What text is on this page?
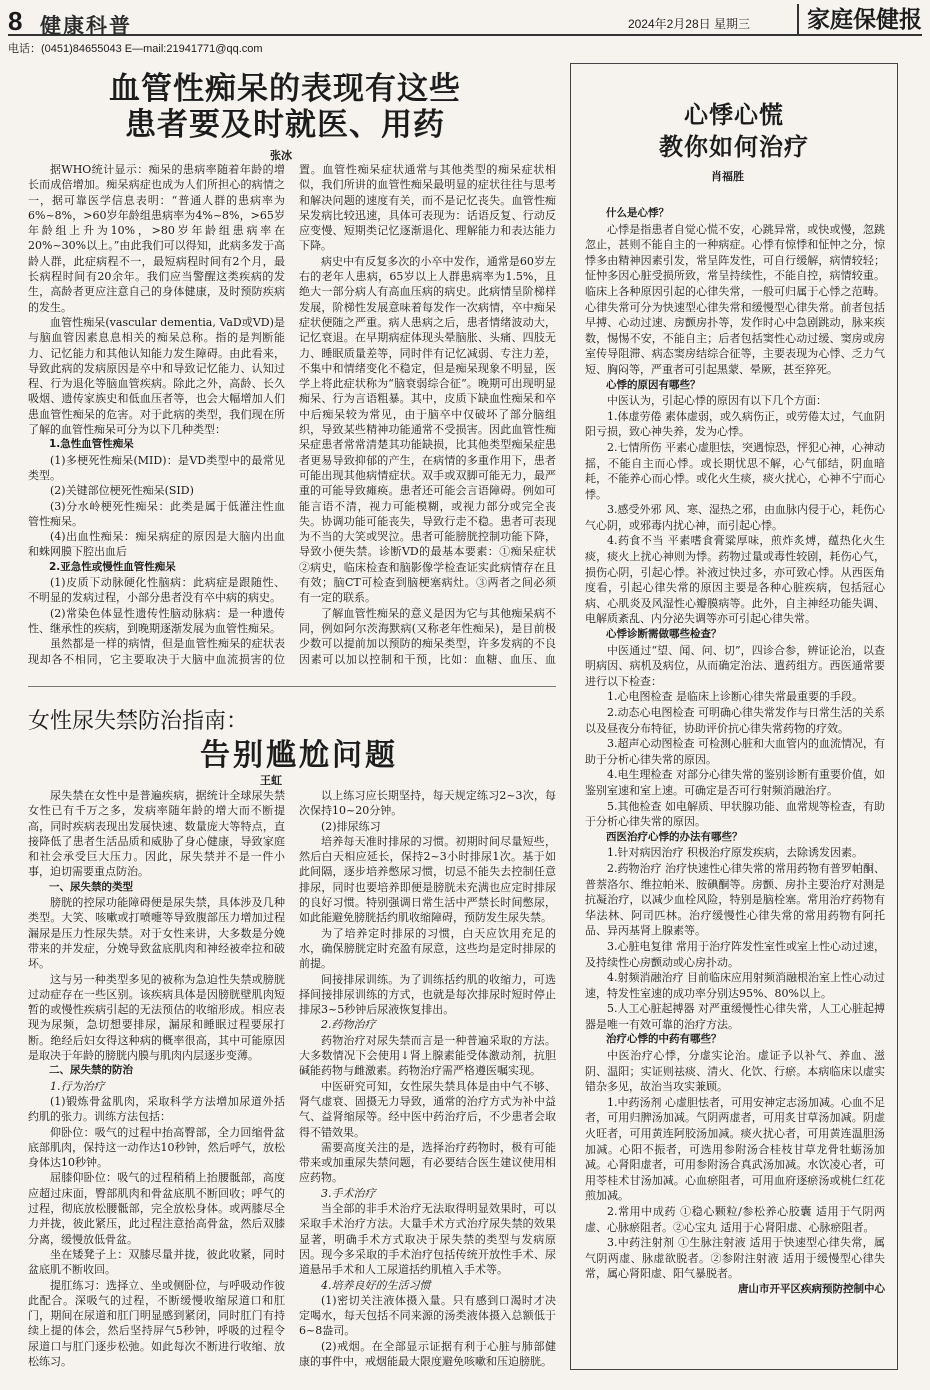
8 健康科普	2024年2月28日 星期三	家庭保健报
电话：(0451)84655043 E—mail:21941771@qq.com
血管性痴呆的表现有这些
患者要及时就医、用药
张冰

据WHO统计显示：痴呆的患病率随着年龄的增长而成倍增加。痴呆病症也成为人们所担心的病情之一，据可靠医学信息表明：“普通人群的患病率为6%~8%，>60岁年龄组患病率为4%~8%，>65岁年龄组上升为10%，>80岁年龄组患病率在20%~30%以上。”由此我们可以得知，此病多发于高龄人群，此症病程不一，最短病程时间有2个月，最长病程时间有20余年。我们应当警醒这类疾病的发生，高龄者更应注意自己的身体健康，及时预防疾病的发生。

血管性痴呆(vascular dementia, VaD或VD)是与脑血管因素息息相关的痴呆总称。指的是判断能力、记忆能力和其他认知能力发生障碍。由此看来，导致此病的发病原因是卒中和导致记忆能力、认知过程、行为退化等脑血管疾病。除此之外，高龄、长久吸烟、遗传家族史和低血压者等，也会大幅增加人们患血管性痴呆的危害。对于此病的类型，我们现在所了解的血管性痴呆可分为以下几种类型：

1.急性血管性痴呆

(1)多梗死性痴呆(MID)：是VD类型中的最常见类型。

(2)关键部位梗死性痴呆(SID)

(3)分水岭梗死性痴呆：此类是属于低灌注性血管性痴呆。

(4)出血性痴呆：痴呆病症的原因是大脑内出血和蛛网膜下腔出血后

2.亚急性或慢性血管性痴呆

(1)皮质下动脉硬化性脑病：此病症是跟随性、不明显的发病过程，小部分患者没有卒中病的病史。

(2)常染色体显性遗传性脑动脉病：是一种遗传性、继承性的疾病，到晚期逐渐发展为血管性痴呆。

虽然都是一样的病情，但是血管性痴呆的症状表现却各不相同，它主要取决于大脑中血流损害的位置。血管性痴呆症状通常与其他类型的痴呆症状相似，我们所讲的血管性痴呆最明显的症状往往与思考和解决问题的速度有关，而不是记忆丧失。血管性痴呆发病比较迅速，具体可表现为：话语反复、行动反应变慢、短期类记忆逐渐退化、理解能力和表达能力下降。

病史中有反复多次的小卒中发作，通常是60岁左右的老年人患病，65岁以上人群患病率为1.5%，且绝大一部分病人有高血压病的病史。此病情呈阶梯样发展，阶梯性发展意味着每发作一次病情，卒中痴呆症状便随之严重。病人患病之后，患者情绪波动大，记忆衰退。在早期病症体现头晕脑胀、头痛、四肢无力、睡眠质量差等，同时伴有记忆减弱、专注力差，不集中和情绪变化不稳定，但是痴呆现象不明显，医学上将此症状称为“脑衰弱综合征”。晚期可出现明显痴呆、行为言语粗暴。其中，皮质下缺血性痴呆和卒中后痴呆较为常见，由于脑卒中仅破坏了部分脑组织，导致某些精神功能通常不受损害。因此血管性痴呆症患者常常清楚其功能缺损，比其他类型痴呆症患者更易导致抑郁的产生，在病情的多重作用下，患者可能出现其他病情症状。双手或双脚可能无力，最严重的可能导致瘫痪。患者还可能会言语障碍。例如可能言语不清，视力可能模糊，或视力部分或完全丧失。协调功能可能丧失，导致行走不稳。患者可表现为不当的大笑或哭泣。患者可能膀胱控制功能下降，导致小便失禁。诊断VD的最基本要素：①痴呆症状②病史，临床检查和脑影像学检查证实此病情存在且有效；脑CT可检查到脑梗塞病灶。③两者之间必须有一定的联系。

了解血管性痴呆的意义是因为它与其他痴呆病不同，例如阿尔茨海默病(又称老年性痴呆)，是目前极少数可以提前加以预防的痴呆类型，许多发病的不良因素可以加以控制和干预，比如：血糖、血压、血

女性尿失禁防治指南：
告别尴尬问题
王虹

尿失禁在女性中是普遍疾病，据统计全球尿失禁女性已有千万之多，发病率随年龄的增大而不断提高，同时疾病表现出发展快速、数量庞大等特点，直接降低了患者生活品质和威胁了身心健康，导致家庭和社会承受巨大压力。因此，尿失禁并不是一件小事，迫切需要重点防治。

一、尿失禁的类型

膀胱的控尿功能障碍便是尿失禁，具体涉及几种类型。大笑、咳嗽或打喷嚏等导致腹部压力增加过程漏尿是压力性尿失禁。对于女性来讲，大多数是分娩带来的并发症，分娩导致盆底肌肉和神经被牵拉和破坏。

这与另一种类型多见的被称为急迫性失禁或膀胱过动症存在一些区别。该疾病具体是因膀胱壁肌肉短暂的或慢性疾病引起的无法预估的收缩形成。相应表现为尿频，急切想要排尿，漏尿和睡眠过程要尿打断。绝经后妇女得这种病的概率很高，其中可能原因是取决于年龄的膀胱内膜与肌肉内层逐步变薄。

二、尿失禁的防治

1.行为治疗

(1)锻炼骨盆肌肉，采取科学方法增加尿道外括约肌的张力。训练方法包括：

仰卧位：吸气的过程中抬高臀部，全力回缩骨盆底部肌肉，保持这一动作达10秒钟，然后呼气，放松身体达10秒钟。

屈膝仰卧位：吸气的过程稍稍上抬腰骶部，高度应超过床面，臀部肌肉和骨盆底肌不断回收；呼气的过程，彻底放松腰骶部，完全放松身体。或两膝尽全力并拢，彼此紧压，此过程注意抬高骨盆，然后双膝分离，缓慢放低骨盆。

坐在矮凳子上：双膝尽量并拢，彼此收紧，同时盆底肌不断收回。

提肛练习：选择立、坐或侧卧位，与呼吸动作彼此配合。深吸气的过程，不断缓慢收缩尿道口和肛门，期间在尿道和肛门明显感到紧闭，同时肛门有持续上提的体会，然后坚持屏气5秒钟，呼吸的过程令尿道口与肛门逐步松弛。如此每次不断进行收缩、放松练习。

以上练习应长期坚持，每天规定练习2~3次，每次保持10~20分钟。

(2)排尿练习

培养每天准时排尿的习惯。初期时间尽量短些，然后白天相应延长，保持2~3小时排尿1次。基于如此间隔，逐步培养憋尿习惯，切忌不能失去控制任意排尿，同时也要培养即便是膀胱未充满也应定时排尿的良好习惯。特别强调日常生活中严禁长时间憋尿，如此能避免膀胱括约肌收缩障碍，预防发生尿失禁。

为了培养定时排尿的习惯，白天应饮用充足的水，确保膀胱定时充盈有尿意，这些均是定时排尿的前提。

间接排尿训练。为了训练括约肌的收缩力，可选择间接排尿训练的方式，也就是每次排尿时短时停止排尿3~5秒钟后尿液恢复排出。

2.药物治疗

药物治疗对尿失禁而言是一种普遍采取的方法。大多数情况下会使用↓肾上腺素能受体激动剂，抗胆碱能药物与雌激素。药物治疗需严格遵医嘱实现。

中医研究可知，女性尿失禁具体是由中气不够、肾气虚衰、固摄无力导致，通常的治疗方式为补中益气、益肾缩尿等。经中医中药治疗后，不少患者会取得不错效果。

需要高度关注的是，选择治疗药物时，极有可能带来或加重尿失禁问题，有必要结合医生建议使用相应药物。

3.手术治疗

当全部的非手术治疗无法取得明显效果时，可以采取手术治疗方法。大量手术方式治疗尿失禁的效果显著，明确手术方式取决于尿失禁的类型与发病原因。现今多采取的手术治疗包括传统开放性手术、尿道悬吊手术和人工尿道括约肌植入手术等。

4.培养良好的生活习惯

(1)密切关注液体摄入量。只有感到口渴时才决定喝水，每天包括不同来源的汤类液体摄入总额低于6~8盎司。

(2)戒烟。在全部显示证据有利于心脏与肺部健康的事件中，戒烟能最大限度避免咳嗽和压迫膀胱。

心悸心慌
教你如何治疗
肖福胜

什么是心悸？

心悸是指患者自觉心慌不安，心跳异常，或快或慢，忽跳忽止，甚则不能自主的一种病症。心悸有惊悸和怔忡之分，惊悸多由精神因素引发，常呈阵发性，可自行缓解，病情较轻；怔忡多因心脏受损所致，常呈持续性，不能自控，病情较重。临床上各种原因引起的心律失常，一般可归属于心悸之范畴。心律失常可分为快速型心律失常和缓慢型心律失常。前者包括早搏、心动过速、房颤房扑等，发作时心中急剧跳动，脉来疾数，惕惕不安，不能自主；后者包括窦性心动过缓、窦房或房室传导阻滞、病态窦房结综合征等，主要表现为心悸、乏力气短、胸闷等，严重者可引起黑蒙、晕厥，甚至猝死。

心悸的原因有哪些？

中医认为，引起心悸的原因有以下几个方面：

1.体虚劳倦 素体虚弱，或久病伤正，或劳倦太过，气血阴阳亏损，致心神失养，发为心悸。

2.七情所伤 平素心虚胆怯，突遇惊恐，怦犯心神，心神动摇，不能自主而心悸。或长期忧思不解，心气郁结，阴血暗耗，不能养心而心悸。或化火生痰，痰火扰心，心神不宁而心悸。

3.感受外邪 风、寒、湿热之邪，由血脉内侵于心，耗伤心气心阴，或邪毒内扰心神，而引起心悸。

4.药食不当 平素嗜食膏粱厚味，煎炸炙煿，蕴热化火生痰，痰火上扰心神则为悸。药物过量或毒性较剧，耗伤心气，损伤心阴，引起心悸。补液过快过多，亦可致心悸。从西医角度看，引起心律失常的原因主要是各种心脏疾病，包括冠心病、心肌炎及风湿性心瓣膜病等。此外，自主神经功能失调、电解质紊乱、内分泌失调等亦可引起心律失常。

心悸诊断需做哪些检查？

中医通过“望、闻、问、切”，四诊合参，辨证论治，以查明病因、病机及病位，从而确定治法、遣药组方。西医通常要进行以下检查：

1.心电图检查 是临床上诊断心律失常最重要的手段。

2.动态心电图检查 可明确心律失常发作与日常生活的关系以及昼夜分布特征，协助评价抗心律失常药物的疗效。

3.超声心动图检查 可检测心脏和大血管内的血流情况，有助于分析心律失常的原因。

4.电生理检查 对部分心律失常的鉴别诊断有重要价值，如鉴别室速和室上速。可确定是否可行射频消融治疗。

5.其他检查 如电解质、甲状腺功能、血常规等检查，有助于分析心律失常的原因。

西医治疗心悸的办法有哪些？

1.针对病因治疗 积极治疗原发疾病，去除诱发因素。

2.药物治疗 治疗快速性心律失常的常用药物有普罗帕酮、普萘洛尔、维拉帕米、胺碘酮等。房颤、房扑主要治疗对测是抗凝治疗，以减少血栓风险，特别是脑栓塞。常用治疗药物有华法林、阿司匹林。治疗缓慢性心律失常的常用药物有阿托品、异丙基肾上腺素等。

3.心脏电复律 常用于治疗阵发性室性或室上性心动过速，及持续性心房颤动或心房扑动。

4.射频消融治疗 目前临床应用射频消融根治室上性心动过速，特发性室速的成功率分别达95%、80%以上。

5.人工心脏起搏器 对严重缓慢性心律失常，人工心脏起搏器是唯一有效可靠的治疗方法。

治疗心悸的中药有哪些？

中医治疗心悸，分虚实论治。虚证予以补气、养血、滋阴、温阳；实证则祛痰、清火、化饮、行瘀。本病临床以虚实错杂多见，故治当攻实兼顾。

1.中药汤剂 心虚胆怯者，可用安神定志汤加减。心血不足者，可用归脾汤加减。气阴两虚者，可用炙甘草汤加减。阴虚火旺者，可用黄连阿胶汤加减。痰火扰心者，可用黄连温胆汤加减。心阳不振者，可选用参附汤合桂枝甘草龙骨牡蛎汤加减。心肾阳虚者，可用参附汤合真武汤加减。水饮凌心者，可用苓桂术甘汤加减。心血瘀阻者，可用血府逐瘀汤或桃仁红花煎加减。

2.常用中成药 ①稳心颗粒/参松养心胶囊 适用于气阴两虚、心脉瘀阻者。②心宝丸 适用于心肾阳虚、心脉瘀阻者。

3.中药注射剂 ①生脉注射液 适用于快速型心律失常，属气阴两虚、脉虚欲脱者。②参附注射液 适用于缓慢型心律失常，属心肾阳虚、阳气暴脱者。

唐山市开平区疾病预防控制中心
